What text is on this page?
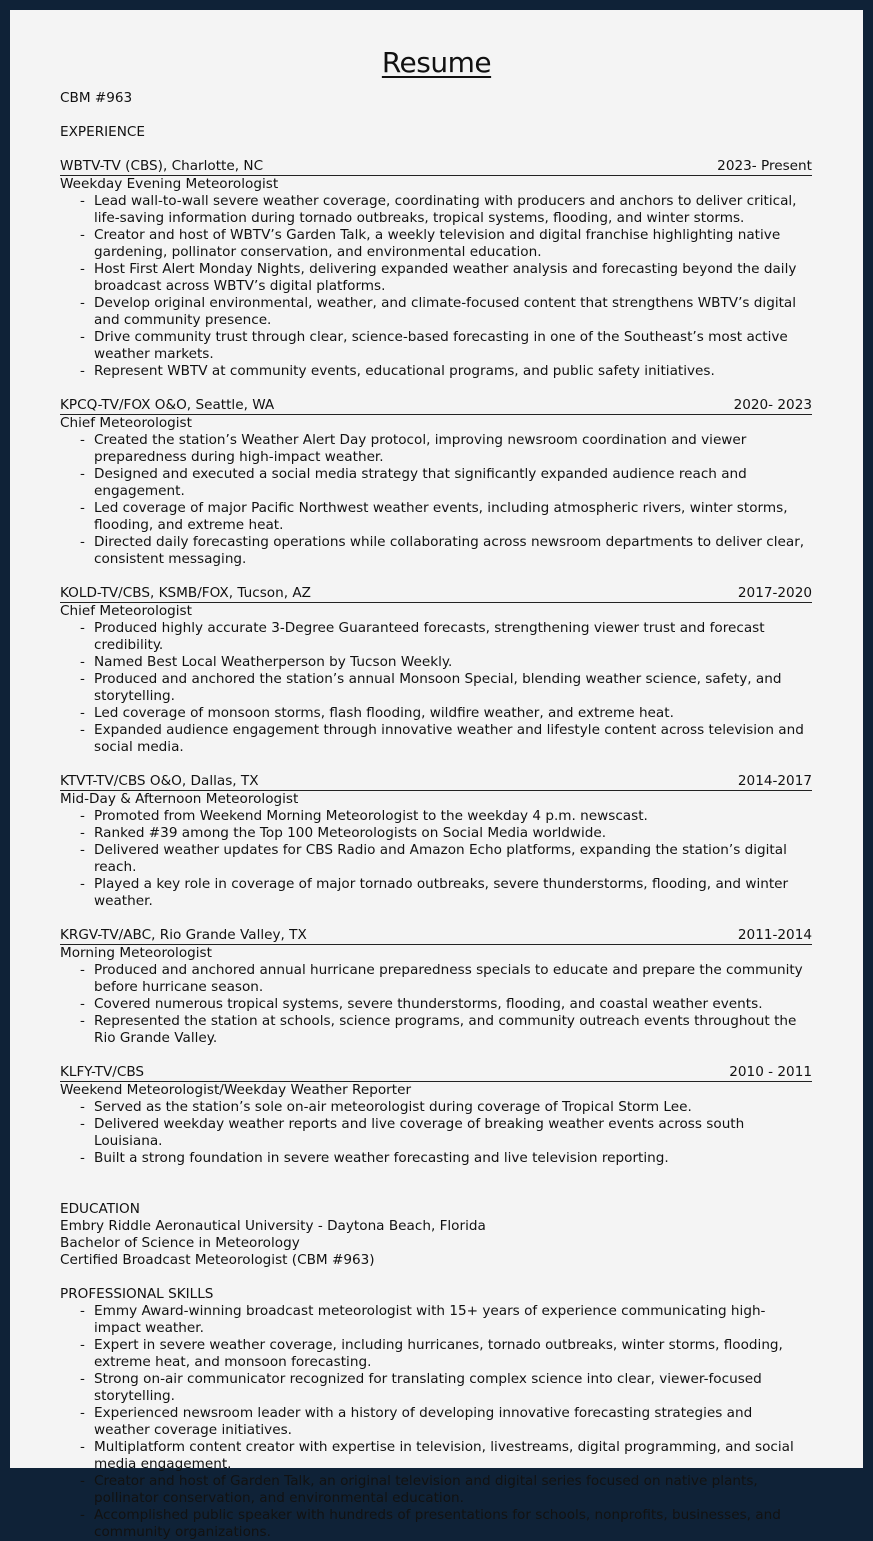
Resume

CBM #963

EXPERIENCE

WBTV-TV (CBS), Charlotte, NC	2023- Present

Weekday Evening Meteorologist

- Lead wall-to-wall severe weather coverage, coordinating with producers and anchors to deliver critical, life-saving information during tornado outbreaks, tropical systems, flooding, and winter storms.
- Creator and host of WBTV’s Garden Talk, a weekly television and digital franchise highlighting native gardening, pollinator conservation, and environmental education.
- Host First Alert Monday Nights, delivering expanded weather analysis and forecasting beyond the daily broadcast across WBTV’s digital platforms.
- Develop original environmental, weather, and climate-focused content that strengthens WBTV’s digital and community presence.
- Drive community trust through clear, science-based forecasting in one of the Southeast’s most active weather markets.
- Represent WBTV at community events, educational programs, and public safety initiatives.
KPCQ-TV/FOX O&O, Seattle, WA	2020- 2023

Chief Meteorologist

- Created the station’s Weather Alert Day protocol, improving newsroom coordination and viewer preparedness during high-impact weather.
- Designed and executed a social media strategy that significantly expanded audience reach and engagement.
- Led coverage of major Pacific Northwest weather events, including atmospheric rivers, winter storms, flooding, and extreme heat.
- Directed daily forecasting operations while collaborating across newsroom departments to deliver clear, consistent messaging.
KOLD-TV/CBS, KSMB/FOX, Tucson, AZ	2017-2020

Chief Meteorologist

- Produced highly accurate 3-Degree Guaranteed forecasts, strengthening viewer trust and forecast credibility.
- Named Best Local Weatherperson by Tucson Weekly.
- Produced and anchored the station’s annual Monsoon Special, blending weather science, safety, and storytelling.
- Led coverage of monsoon storms, flash flooding, wildfire weather, and extreme heat.
- Expanded audience engagement through innovative weather and lifestyle content across television and social media.
KTVT-TV/CBS O&O, Dallas, TX	2014-2017

Mid-Day & Afternoon Meteorologist

- Promoted from Weekend Morning Meteorologist to the weekday 4 p.m. newscast.
- Ranked #39 among the Top 100 Meteorologists on Social Media worldwide.
- Delivered weather updates for CBS Radio and Amazon Echo platforms, expanding the station’s digital reach.
- Played a key role in coverage of major tornado outbreaks, severe thunderstorms, flooding, and winter weather.
KRGV-TV/ABC, Rio Grande Valley, TX	2011-2014

Morning Meteorologist

- Produced and anchored annual hurricane preparedness specials to educate and prepare the community before hurricane season.
- Covered numerous tropical systems, severe thunderstorms, flooding, and coastal weather events.
- Represented the station at schools, science programs, and community outreach events throughout the Rio Grande Valley.
KLFY-TV/CBS	2010 - 2011

Weekend Meteorologist/Weekday Weather Reporter

- Served as the station’s sole on-air meteorologist during coverage of Tropical Storm Lee.
- Delivered weekday weather reports and live coverage of breaking weather events across south Louisiana.
- Built a strong foundation in severe weather forecasting and live television reporting.

EDUCATION

Embry Riddle Aeronautical University - Daytona Beach, Florida

Bachelor of Science in Meteorology

Certified Broadcast Meteorologist (CBM #963)

PROFESSIONAL SKILLS

- Emmy Award-winning broadcast meteorologist with 15+ years of experience communicating high-impact weather.
- Expert in severe weather coverage, including hurricanes, tornado outbreaks, winter storms, flooding, extreme heat, and monsoon forecasting.
- Strong on-air communicator recognized for translating complex science into clear, viewer-focused storytelling.
- Experienced newsroom leader with a history of developing innovative forecasting strategies and weather coverage initiatives.
- Multiplatform content creator with expertise in television, livestreams, digital programming, and social media engagement.
- Creator and host of Garden Talk, an original television and digital series focused on native plants, pollinator conservation, and environmental education.
- Accomplished public speaker with hundreds of presentations for schools, nonprofits, businesses, and community organizations.
